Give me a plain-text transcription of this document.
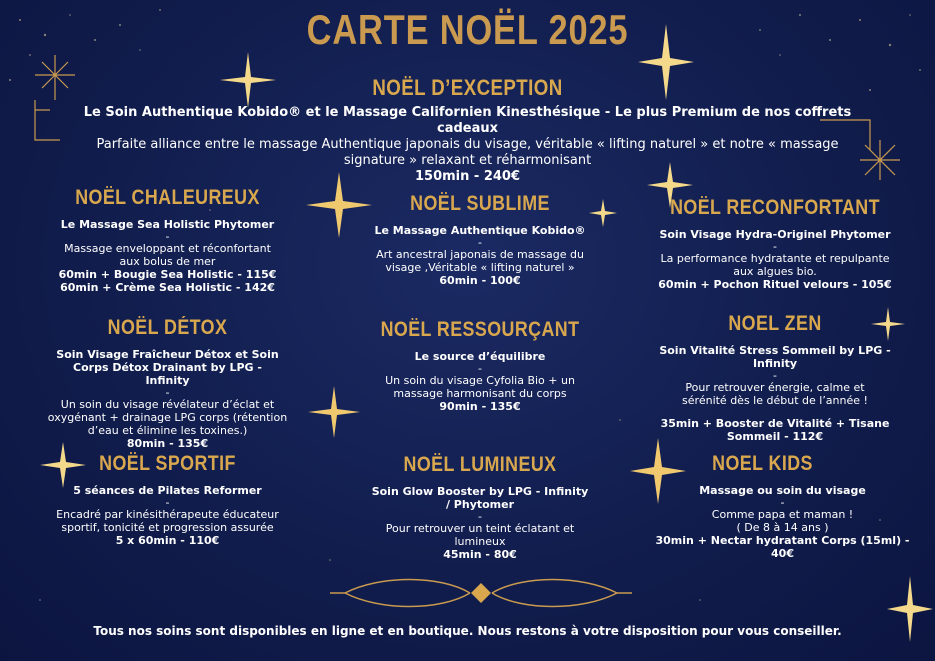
CARTE NOËL 2025
NOËL D’EXCEPTION
Le Soin Authentique Kobido® et le Massage Californien Kinesthésique - Le plus Premium de nos coffrets cadeaux
Parfaite alliance entre le massage Authentique japonais du visage, véritable « lifting naturel » et notre « massage signature » relaxant et réharmonisant
150min - 240€
NOËL CHALEUREUX
Le Massage Sea Holistic Phytomer
-
Massage enveloppant et réconfortant aux bolus de mer
60min + Bougie Sea Holistic - 115€
60min + Crème Sea Holistic - 142€
NOËL SUBLIME
Le Massage Authentique Kobido®
-
Art ancestral japonais de massage du visage ,Véritable « lifting naturel »
60min - 100€
NOËL RECONFORTANT
Soin Visage Hydra-Originel Phytomer
-
La performance hydratante et repulpante aux algues bio.
60min + Pochon Rituel velours - 105€
NOËL DÉTOX
Soin Visage Fraîcheur Détox et Soin Corps Détox Drainant by LPG - Infinity
-
Un soin du visage révélateur d’éclat et oxygénant + drainage LPG corps (rétention d’eau et élimine les toxines.)
80min - 135€
NOËL RESSOURÇANT
Le source d’équilibre
-
Un soin du visage Cyfolia Bio + un massage harmonisant du corps
90min - 135€
NOEL ZEN
Soin Vitalité Stress Sommeil by LPG - Infinity
-
Pour retrouver énergie, calme et sérénité dès le début de l’année !
35min + Booster de Vitalité + Tisane Sommeil - 112€
NOËL SPORTIF
5 séances de Pilates Reformer
-
Encadré par kinésithérapeute éducateur sportif, tonicité et progression assurée
5 x 60min - 110€
NOËL LUMINEUX
Soin Glow Booster by LPG - Infinity / Phytomer
-
Pour retrouver un teint éclatant et lumineux
45min - 80€
NOEL KIDS
Massage ou soin du visage
-
Comme papa et maman ! ( De 8 à 14 ans )
30min + Nectar hydratant Corps (15ml) - 40€
Tous nos soins sont disponibles en ligne et en boutique. Nous restons à votre disposition pour vous conseiller.
